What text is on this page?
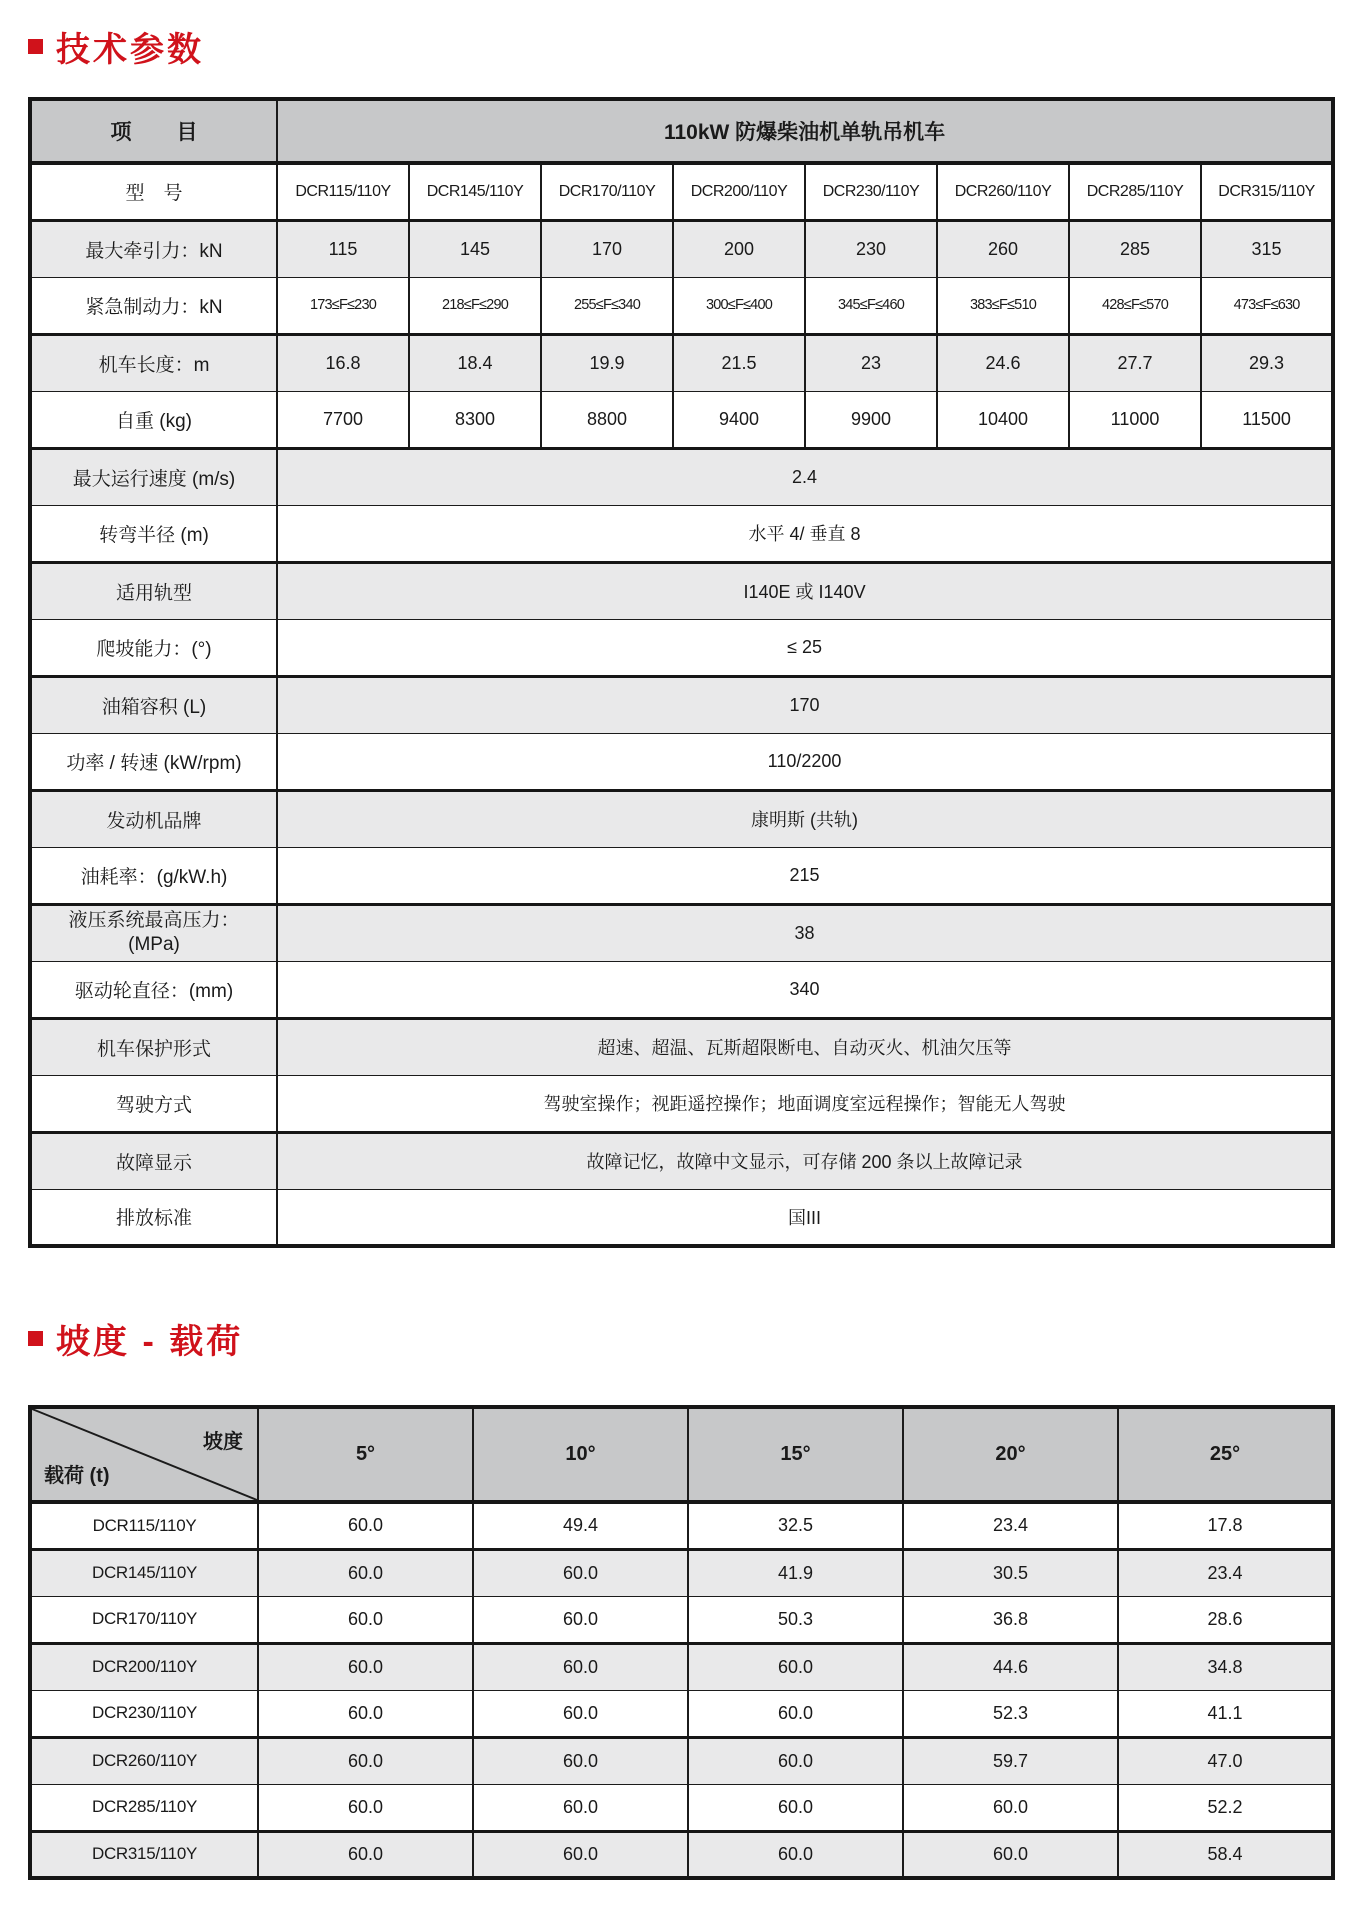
技术参数
项　目	110kW 防爆柴油机单轨吊机车							
型　号	DCR115/110Y	DCR145/110Y	DCR170/110Y	DCR200/110Y	DCR230/110Y	DCR260/110Y	DCR285/110Y	DCR315/110Y
最大牵引力：kN	115	145	170	200	230	260	285	315
紧急制动力：kN	173≤F≤230	218≤F≤290	255≤F≤340	300≤F≤400	345≤F≤460	383≤F≤510	428≤F≤570	473≤F≤630
机车长度：m	16.8	18.4	19.9	21.5	23	24.6	27.7	29.3
自重 (kg)	7700	8300	8800	9400	9900	10400	11000	11500
最大运行速度 (m/s)	2.4							
转弯半径 (m)	水平 4/ 垂直 8							
适用轨型	I140E 或 I140V							
爬坡能力：(°)	≤ 25							
油箱容积 (L)	170							
功率 / 转速 (kW/rpm)	110/2200							
发动机品牌	康明斯 (共轨)							
油耗率：(g/kW.h)	215							

液压系统最高压力：
(MPa)	38							
驱动轮直径：(mm)	340							
机车保护形式	超速、超温、瓦斯超限断电、自动灭火、机油欠压等							
驾驶方式	驾驶室操作；视距遥控操作；地面调度室远程操作；智能无人驾驶							
故障显示	故障记忆，故障中文显示，可存储 200 条以上故障记录							
排放标准	国III							
坡度 - 载荷
坡度
载荷 (t)	5°	10°	15°	20°	25°
DCR115/110Y	60.0	49.4	32.5	23.4	17.8
DCR145/110Y	60.0	60.0	41.9	30.5	23.4
DCR170/110Y	60.0	60.0	50.3	36.8	28.6
DCR200/110Y	60.0	60.0	60.0	44.6	34.8
DCR230/110Y	60.0	60.0	60.0	52.3	41.1
DCR260/110Y	60.0	60.0	60.0	59.7	47.0
DCR285/110Y	60.0	60.0	60.0	60.0	52.2
DCR315/110Y	60.0	60.0	60.0	60.0	58.4
